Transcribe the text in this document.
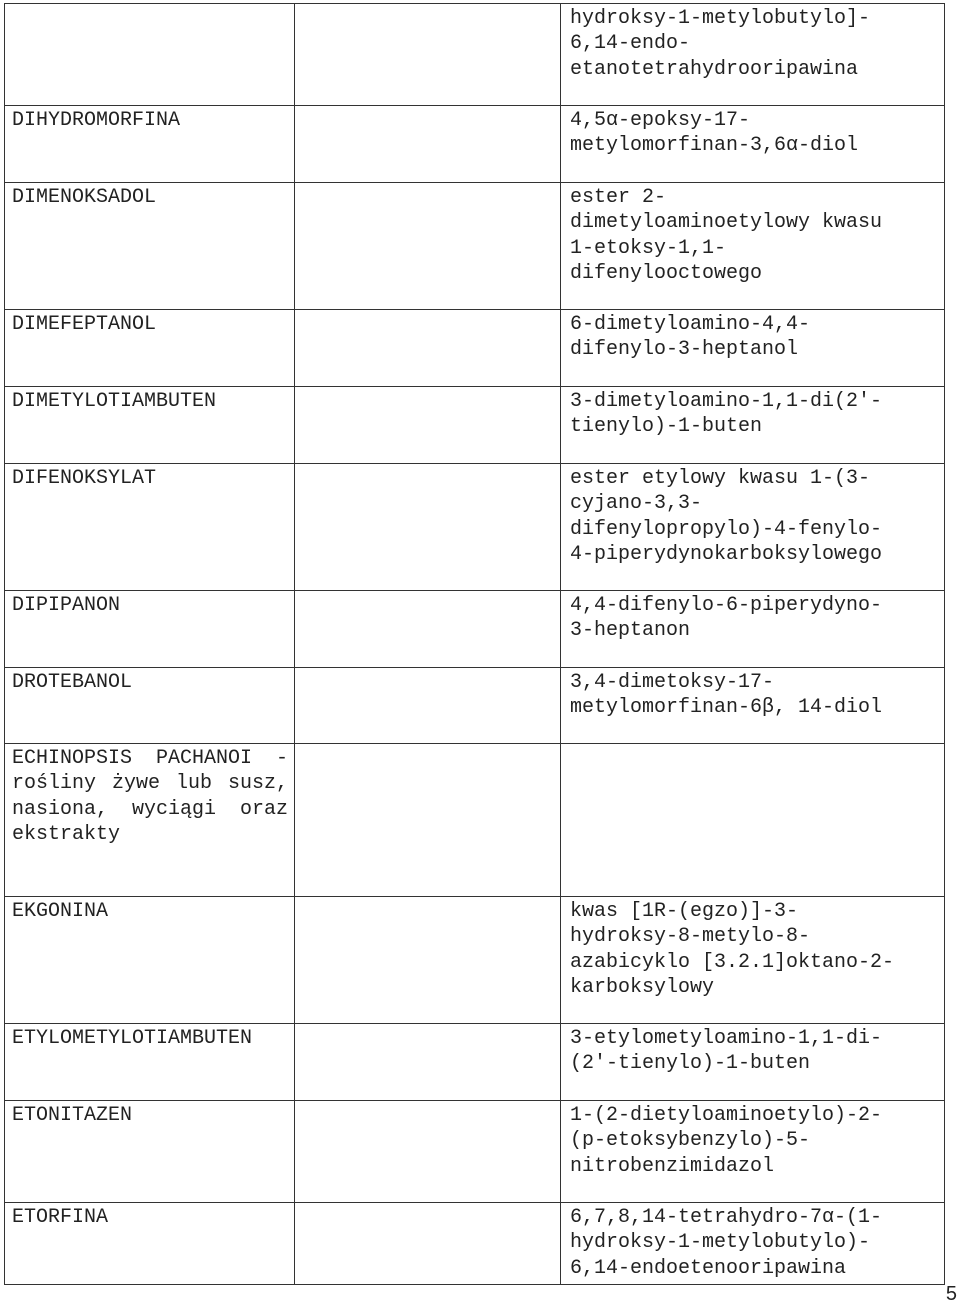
		hydroksy-1-metylobutylo]-
6,14-endo-
etanotetrahydrooripawina
DIHYDROMORFINA		4,5α-epoksy-17-
metylomorfinan-3,6α-diol
DIMENOKSADOL		ester 2-
dimetyloaminoetylowy kwasu
1-etoksy-1,1-
difenylooctowego
DIMEFEPTANOL		6-dimetyloamino-4,4-
difenylo-3-heptanol
DIMETYLOTIAMBUTEN		3-dimetyloamino-1,1-di(2'-
tienylo)-1-buten
DIFENOKSYLAT		ester etylowy kwasu 1-(3-
cyjano-3,3-
difenylopropylo)-4-fenylo-
4-piperydynokarboksylowego
DIPIPANON		4,4-difenylo-6-piperydyno-
3-heptanon
DROTEBANOL		3,4-dimetoksy-17-
metylomorfinan-6β, 14-diol
ECHINOPSIS PACHANOI -rośliny żywe lub susz, nasiona, wyciągi oraz ekstrakty		
EKGONINA		kwas [1R-(egzo)]-3-
hydroksy-8-metylo-8-
azabicyklo [3.2.1]oktano-2-
karboksylowy
ETYLOMETYLOTIAMBUTEN		3-etylometyloamino-1,1-di-
(2'-tienylo)-1-buten
ETONITAZEN		1-(2-dietyloaminoetylo)-2-
(p-etoksybenzylo)-5-
nitrobenzimidazol
ETORFINA		6,7,8,14-tetrahydro-7α-(1-
hydroksy-1-metylobutylo)-
6,14-endoetenooripawina
5
